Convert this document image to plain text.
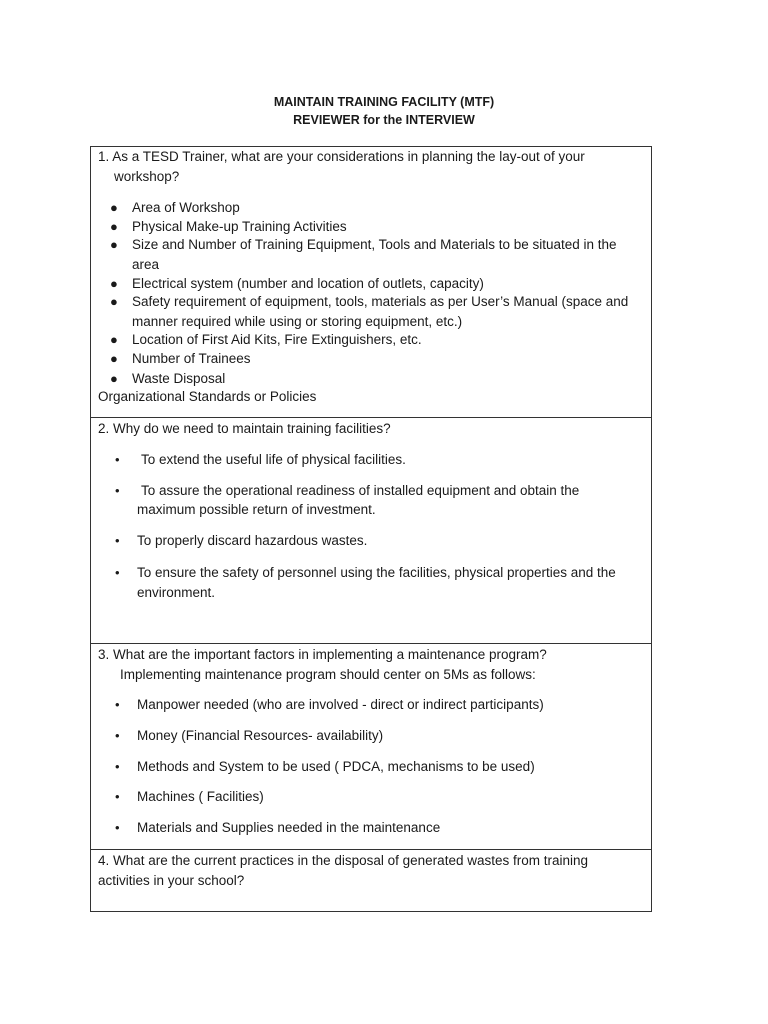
MAINTAIN TRAINING FACILITY (MTF)
REVIEWER for the INTERVIEW
1. As a TESD Trainer, what are your considerations in planning the lay-out of your
workshop?
● Area of Workshop
● Physical Make-up Training Activities
● Size and Number of Training Equipment, Tools and Materials to be situated in the
area
● Electrical system (number and location of outlets, capacity)
● Safety requirement of equipment, tools, materials as per User’s Manual (space and
manner required while using or storing equipment, etc.)
● Location of First Aid Kits, Fire Extinguishers, etc.
● Number of Trainees
● Waste Disposal
Organizational Standards or Policies
2. Why do we need to maintain training facilities?
• To extend the useful life of physical facilities.
• To assure the operational readiness of installed equipment and obtain the
maximum possible return of investment.
• To properly discard hazardous wastes.
• To ensure the safety of personnel using the facilities, physical properties and the
environment.
3. What are the important factors in implementing a maintenance program?
Implementing maintenance program should center on 5Ms as follows:
• Manpower needed (who are involved - direct or indirect participants)
• Money (Financial Resources- availability)
• Methods and System to be used ( PDCA, mechanisms to be used)
• Machines ( Facilities)
• Materials and Supplies needed in the maintenance
4. What are the current practices in the disposal of generated wastes from training
activities in your school?
